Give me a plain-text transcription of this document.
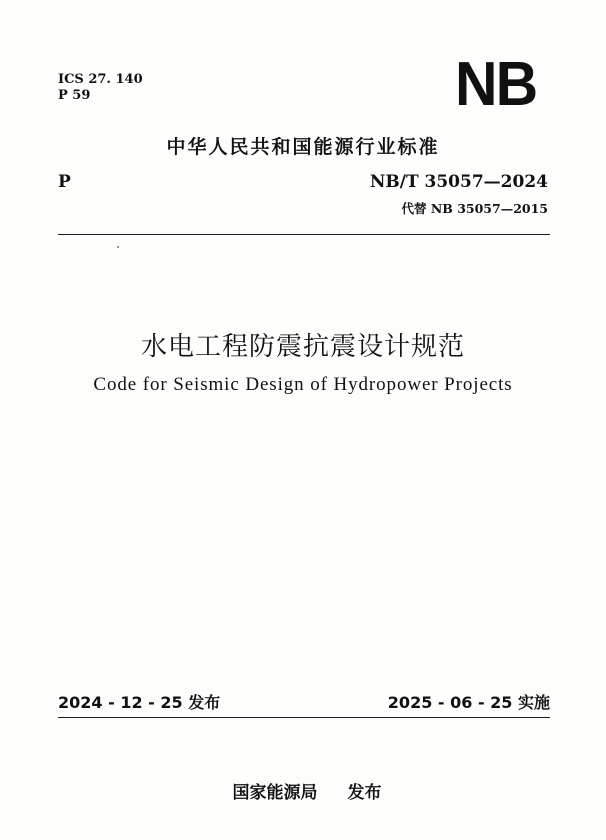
ICS 27. 140
P 59	NB
中华人民共和国能源行业标准
P	NB/T 35057—2024
代替 NB 35057—2015
水电工程防震抗震设计规范
Code for Seismic Design of Hydropower Projects
2024 - 12 - 25 发布	2025 - 06 - 25 实施
国家能源局 发布
